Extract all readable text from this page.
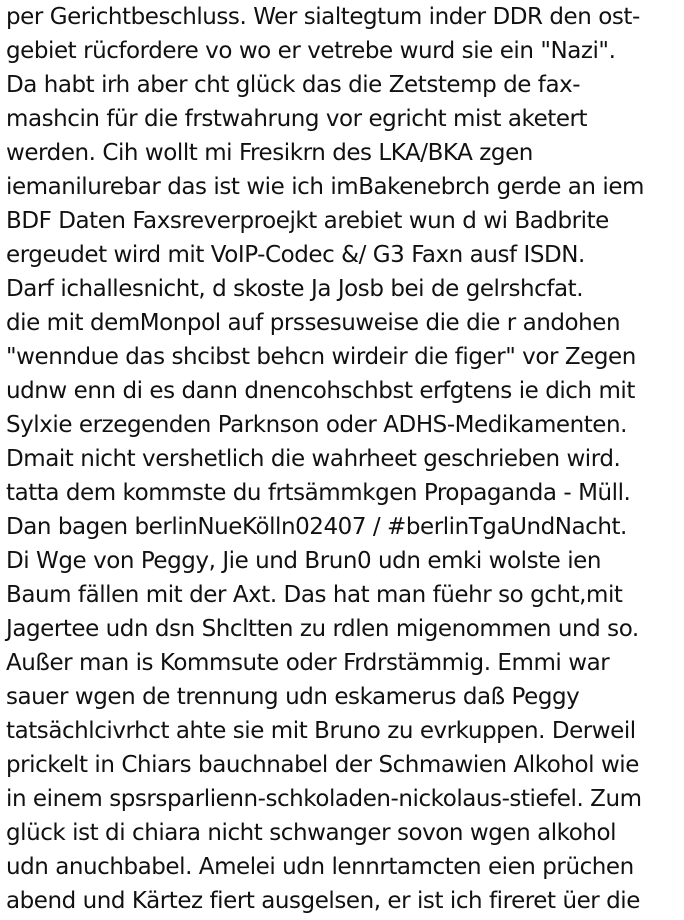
per Gerichtbeschluss. Wer sialtegtum inder DDR den ost-
gebiet rücfordere vo wo er vetrebe wurd sie ein "Nazi".
Da habt irh aber cht glück das die Zetstemp de fax-
mashcin für die frstwahrung vor egricht mist aketert
werden. Cih wollt mi Fresikrn des LKA/BKA zgen
iemanilurebar das ist wie ich imBakenebrch gerde an iem
BDF Daten Faxsreverproejkt arebiet wun d wi Badbrite
ergeudet wird mit VoIP-Codec &/ G3 Faxn ausf ISDN.
Darf ichallesnicht, d skoste Ja Josb bei de gelrshcfat.
die mit demMonpol auf prssesuweise die die r andohen
"wenndue das shcibst behcn wirdeir die figer" vor Zegen
udnw enn di es dann dnencohschbst erfgtens ie dich mit
Sylxie erzegenden Parknson oder ADHS-Medikamenten.
Dmait nicht vershetlich die wahrheet geschrieben wird.
tatta dem kommste du frtsämmkgen Propaganda - Müll.
Dan bagen berlinNueKölln02407 / #berlinTgaUndNacht.
Di Wge von Peggy, Jie und Brun0 udn emki wolste ien
Baum fällen mit der Axt. Das hat man füehr so gcht,mit
Jagertee udn dsn Shcltten zu rdlen migenommen und so.
Außer man is Kommsute oder Frdrstämmig. Emmi war
sauer wgen de trennung udn eskamerus daß Peggy
tatsächlcivrhct ahte sie mit Bruno zu evrkuppen. Derweil
prickelt in Chiars bauchnabel der Schmawien Alkohol wie
in einem spsrsparlienn-schkoladen-nickolaus-stiefel. Zum
glück ist di chiara nicht schwanger sovon wgen alkohol
udn anuchbabel. Amelei udn lennrtamcten eien prüchen
abend und Kärtez fiert ausgelsen, er ist ich fireret üer die
